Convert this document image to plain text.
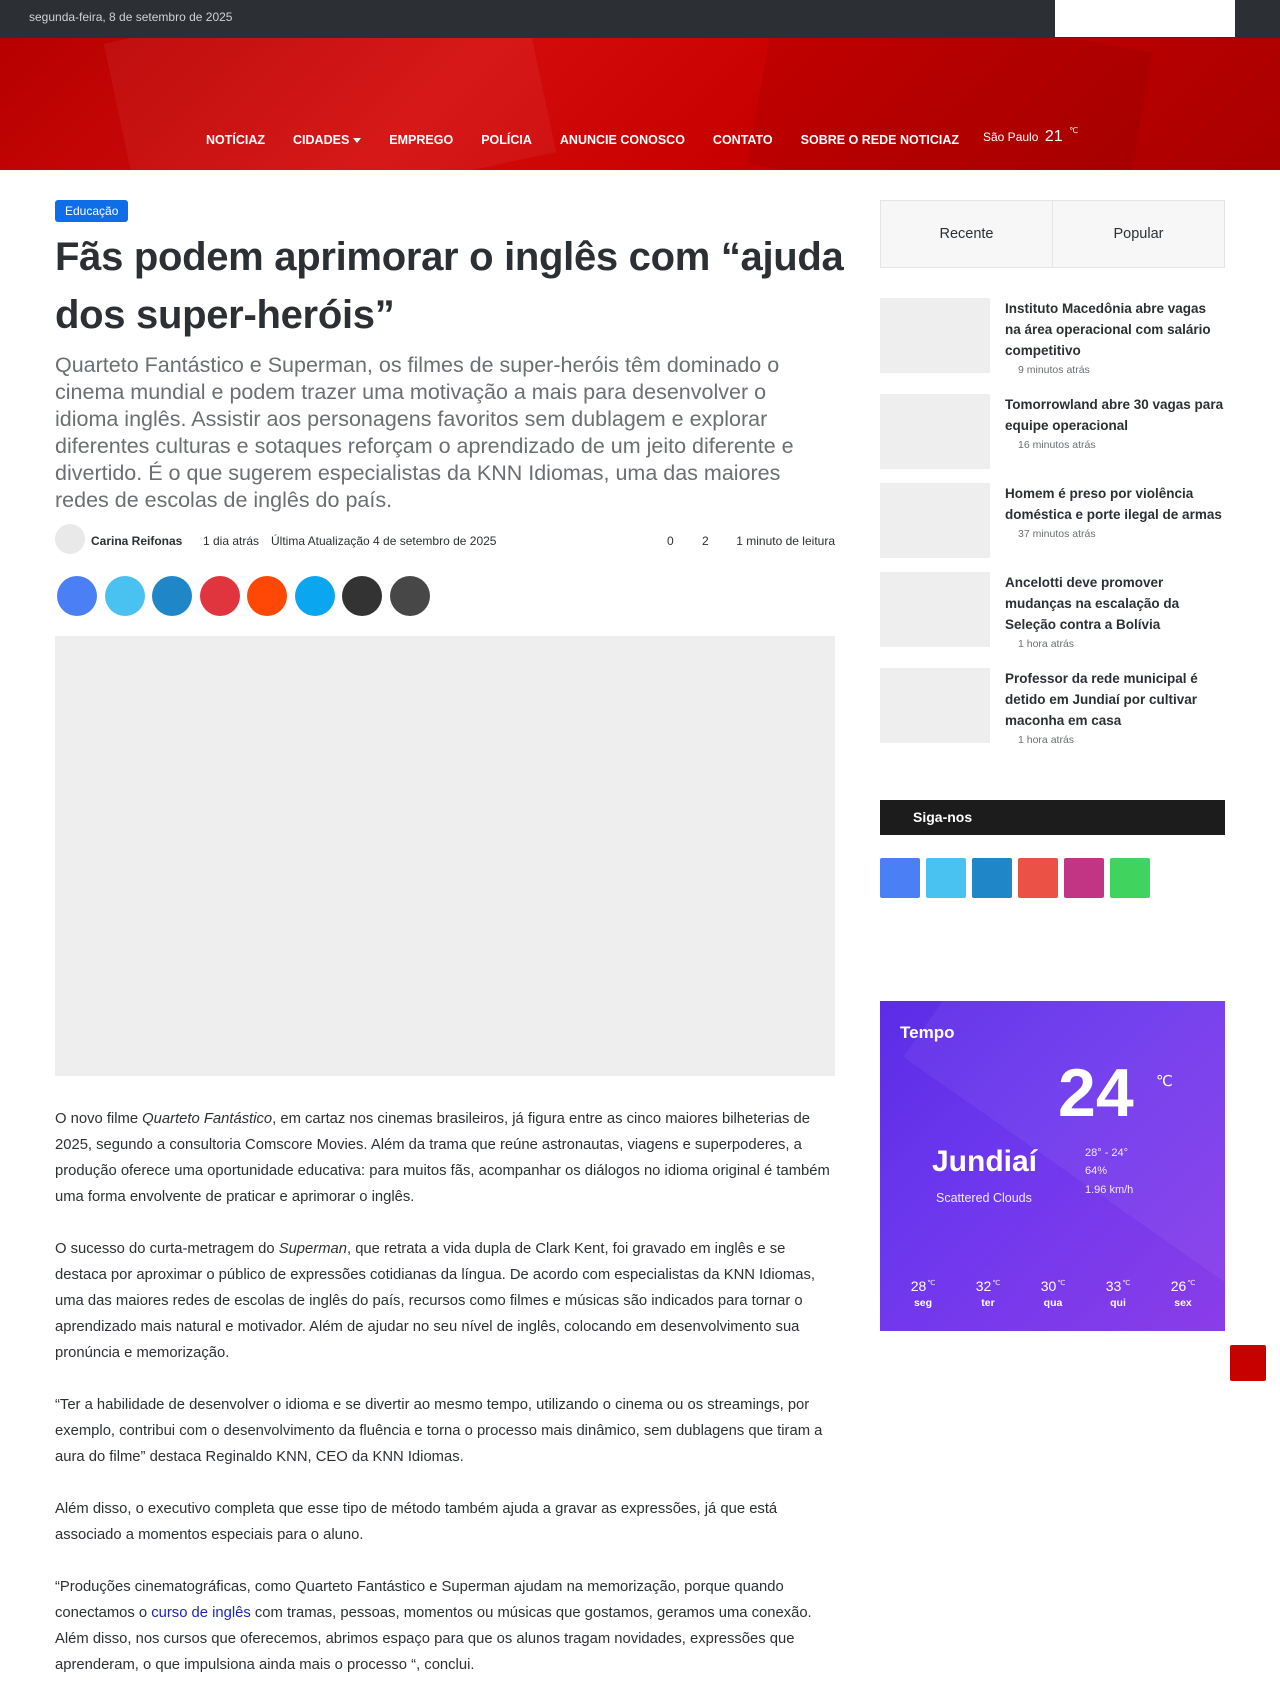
segunda-feira, 8 de setembro de 2025
NOTÍCIAZ CIDADES	EMPREGO POLÍCIA ANUNCIE CONOSCO CONTATO SOBRE O REDE NOTICIAZ São Paulo 21 ℃
Educação
Fãs podem aprimorar o inglês com “ajuda dos super-heróis”

Quarteto Fantástico e Superman, os filmes de super-heróis têm dominado o cinema mundial e podem trazer uma motivação a mais para desenvolver o idioma inglês. Assistir aos personagens favoritos sem dublagem e explorar diferentes culturas e sotaques reforçam o aprendizado de um jeito diferente e divertido. É o que sugerem especialistas da KNN Idiomas, uma das maiores redes de escolas de inglês do país.

Carina Reifonas 1 dia atrás Última Atualização 4 de setembro de 2025	0 2 1 minuto de leitura

O novo filme Quarteto Fantástico, em cartaz nos cinemas brasileiros, já figura entre as cinco maiores bilheterias de 2025, segundo a consultoria Comscore Movies. Além da trama que reúne astronautas, viagens e superpoderes, a produção oferece uma oportunidade educativa: para muitos fãs, acompanhar os diálogos no idioma original é também uma forma envolvente de praticar e aprimorar o inglês.

O sucesso do curta-metragem do Superman, que retrata a vida dupla de Clark Kent, foi gravado em inglês e se destaca por aproximar o público de expressões cotidianas da língua. De acordo com especialistas da KNN Idiomas, uma das maiores redes de escolas de inglês do país, recursos como filmes e músicas são indicados para tornar o aprendizado mais natural e motivador. Além de ajudar no seu nível de inglês, colocando em desenvolvimento sua pronúncia e memorização.

“Ter a habilidade de desenvolver o idioma e se divertir ao mesmo tempo, utilizando o cinema ou os streamings, por exemplo, contribui com o desenvolvimento da fluência e torna o processo mais dinâmico, sem dublagens que tiram a aura do filme” destaca Reginaldo KNN, CEO da KNN Idiomas.

Além disso, o executivo completa que esse tipo de método também ajuda a gravar as expressões, já que está associado a momentos especiais para o aluno.

“Produções cinematográficas, como Quarteto Fantástico e Superman ajudam na memorização, porque quando conectamos o curso de inglês com tramas, pessoas, momentos ou músicas que gostamos, geramos uma conexão. Além disso, nos cursos que oferecemos, abrimos espaço para que os alunos tragam novidades, expressões que aprenderam, o que impulsiona ainda mais o processo “, conclui.

Recente	Popular
Instituto Macedônia abre vagas na área operacional com salário competitivo
9 minutos atrás
Tomorrowland abre 30 vagas para equipe operacional
16 minutos atrás
Homem é preso por violência doméstica e porte ilegal de armas
37 minutos atrás
Ancelotti deve promover mudanças na escalação da Seleção contra a Bolívia
1 hora atrás
Professor da rede municipal é detido em Jundiaí por cultivar maconha em casa
1 hora atrás
Siga-nos
Tempo
24 ℃
Jundiaí
Scattered Clouds
28° - 24°
64%
1.96 km/h
28℃
seg
32℃
ter
30℃
qua
33℃
qui
26℃
sex
